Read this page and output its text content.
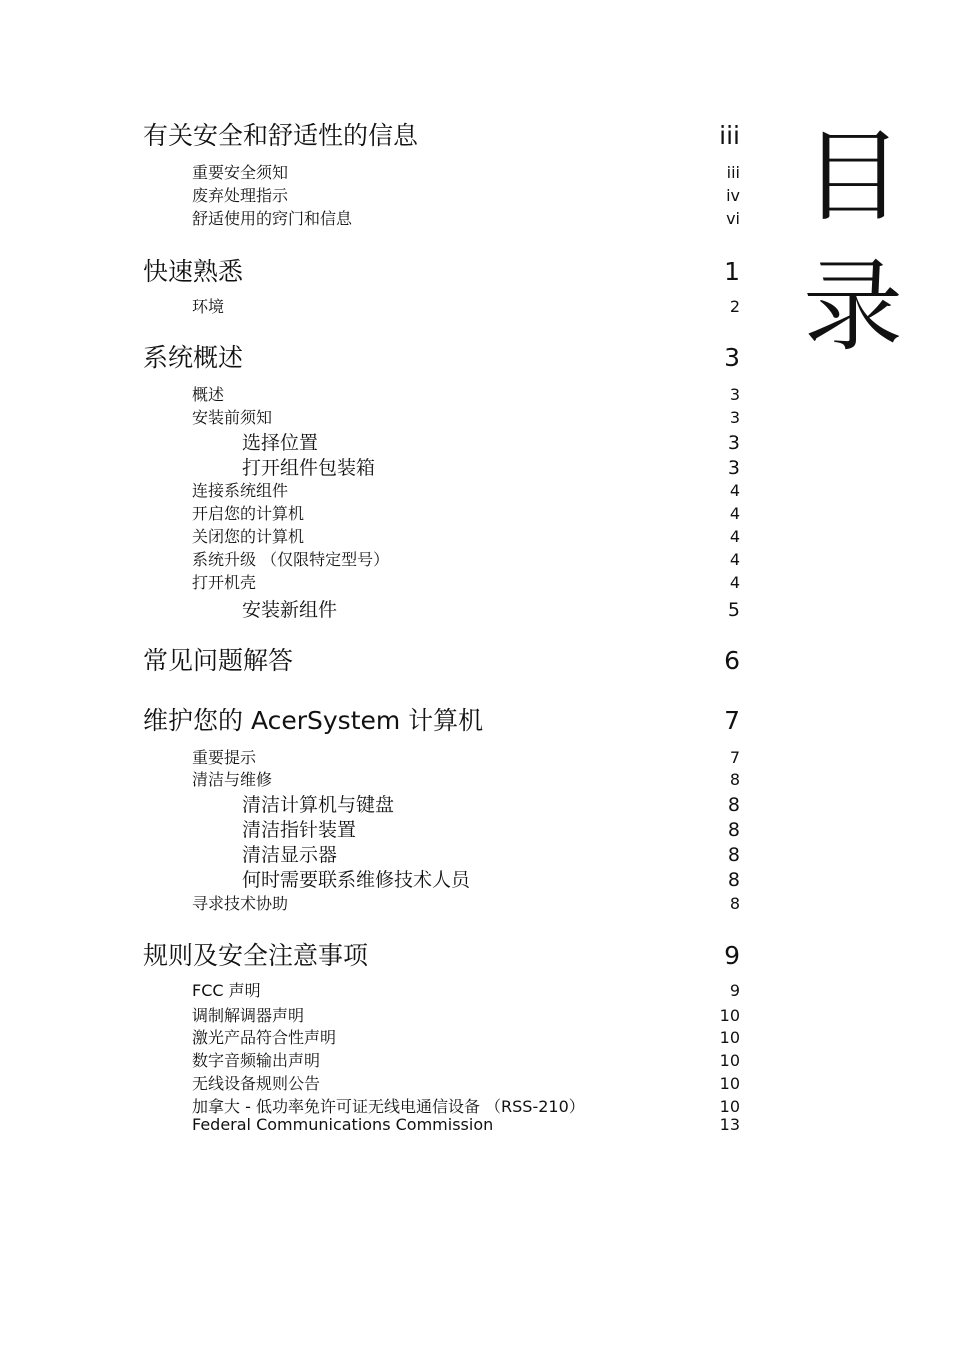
目
录
有关安全和舒适性的信息	iii
重要安全须知	iii
废弃处理指示	iv
舒适使用的窍门和信息	vi
快速熟悉	1
环境	2
系统概述	3
概述	3
安装前须知	3
选择位置	3
打开组件包装箱	3
连接系统组件	4
开启您的计算机	4
关闭您的计算机	4
系统升级 （仅限特定型号）	4
打开机壳	4
安装新组件	5
常见问题解答	6
维护您的 AcerSystem 计算机	7
重要提示	7
清洁与维修	8
清洁计算机与键盘	8
清洁指针装置	8
清洁显示器	8
何时需要联系维修技术人员	8
寻求技术协助	8
规则及安全注意事项	9
FCC 声明	9
调制解调器声明	10
激光产品符合性声明	10
数字音频输出声明	10
无线设备规则公告	10
加拿大 - 低功率免许可证无线电通信设备 （RSS-210）	10
Federal Communications Commission	13
